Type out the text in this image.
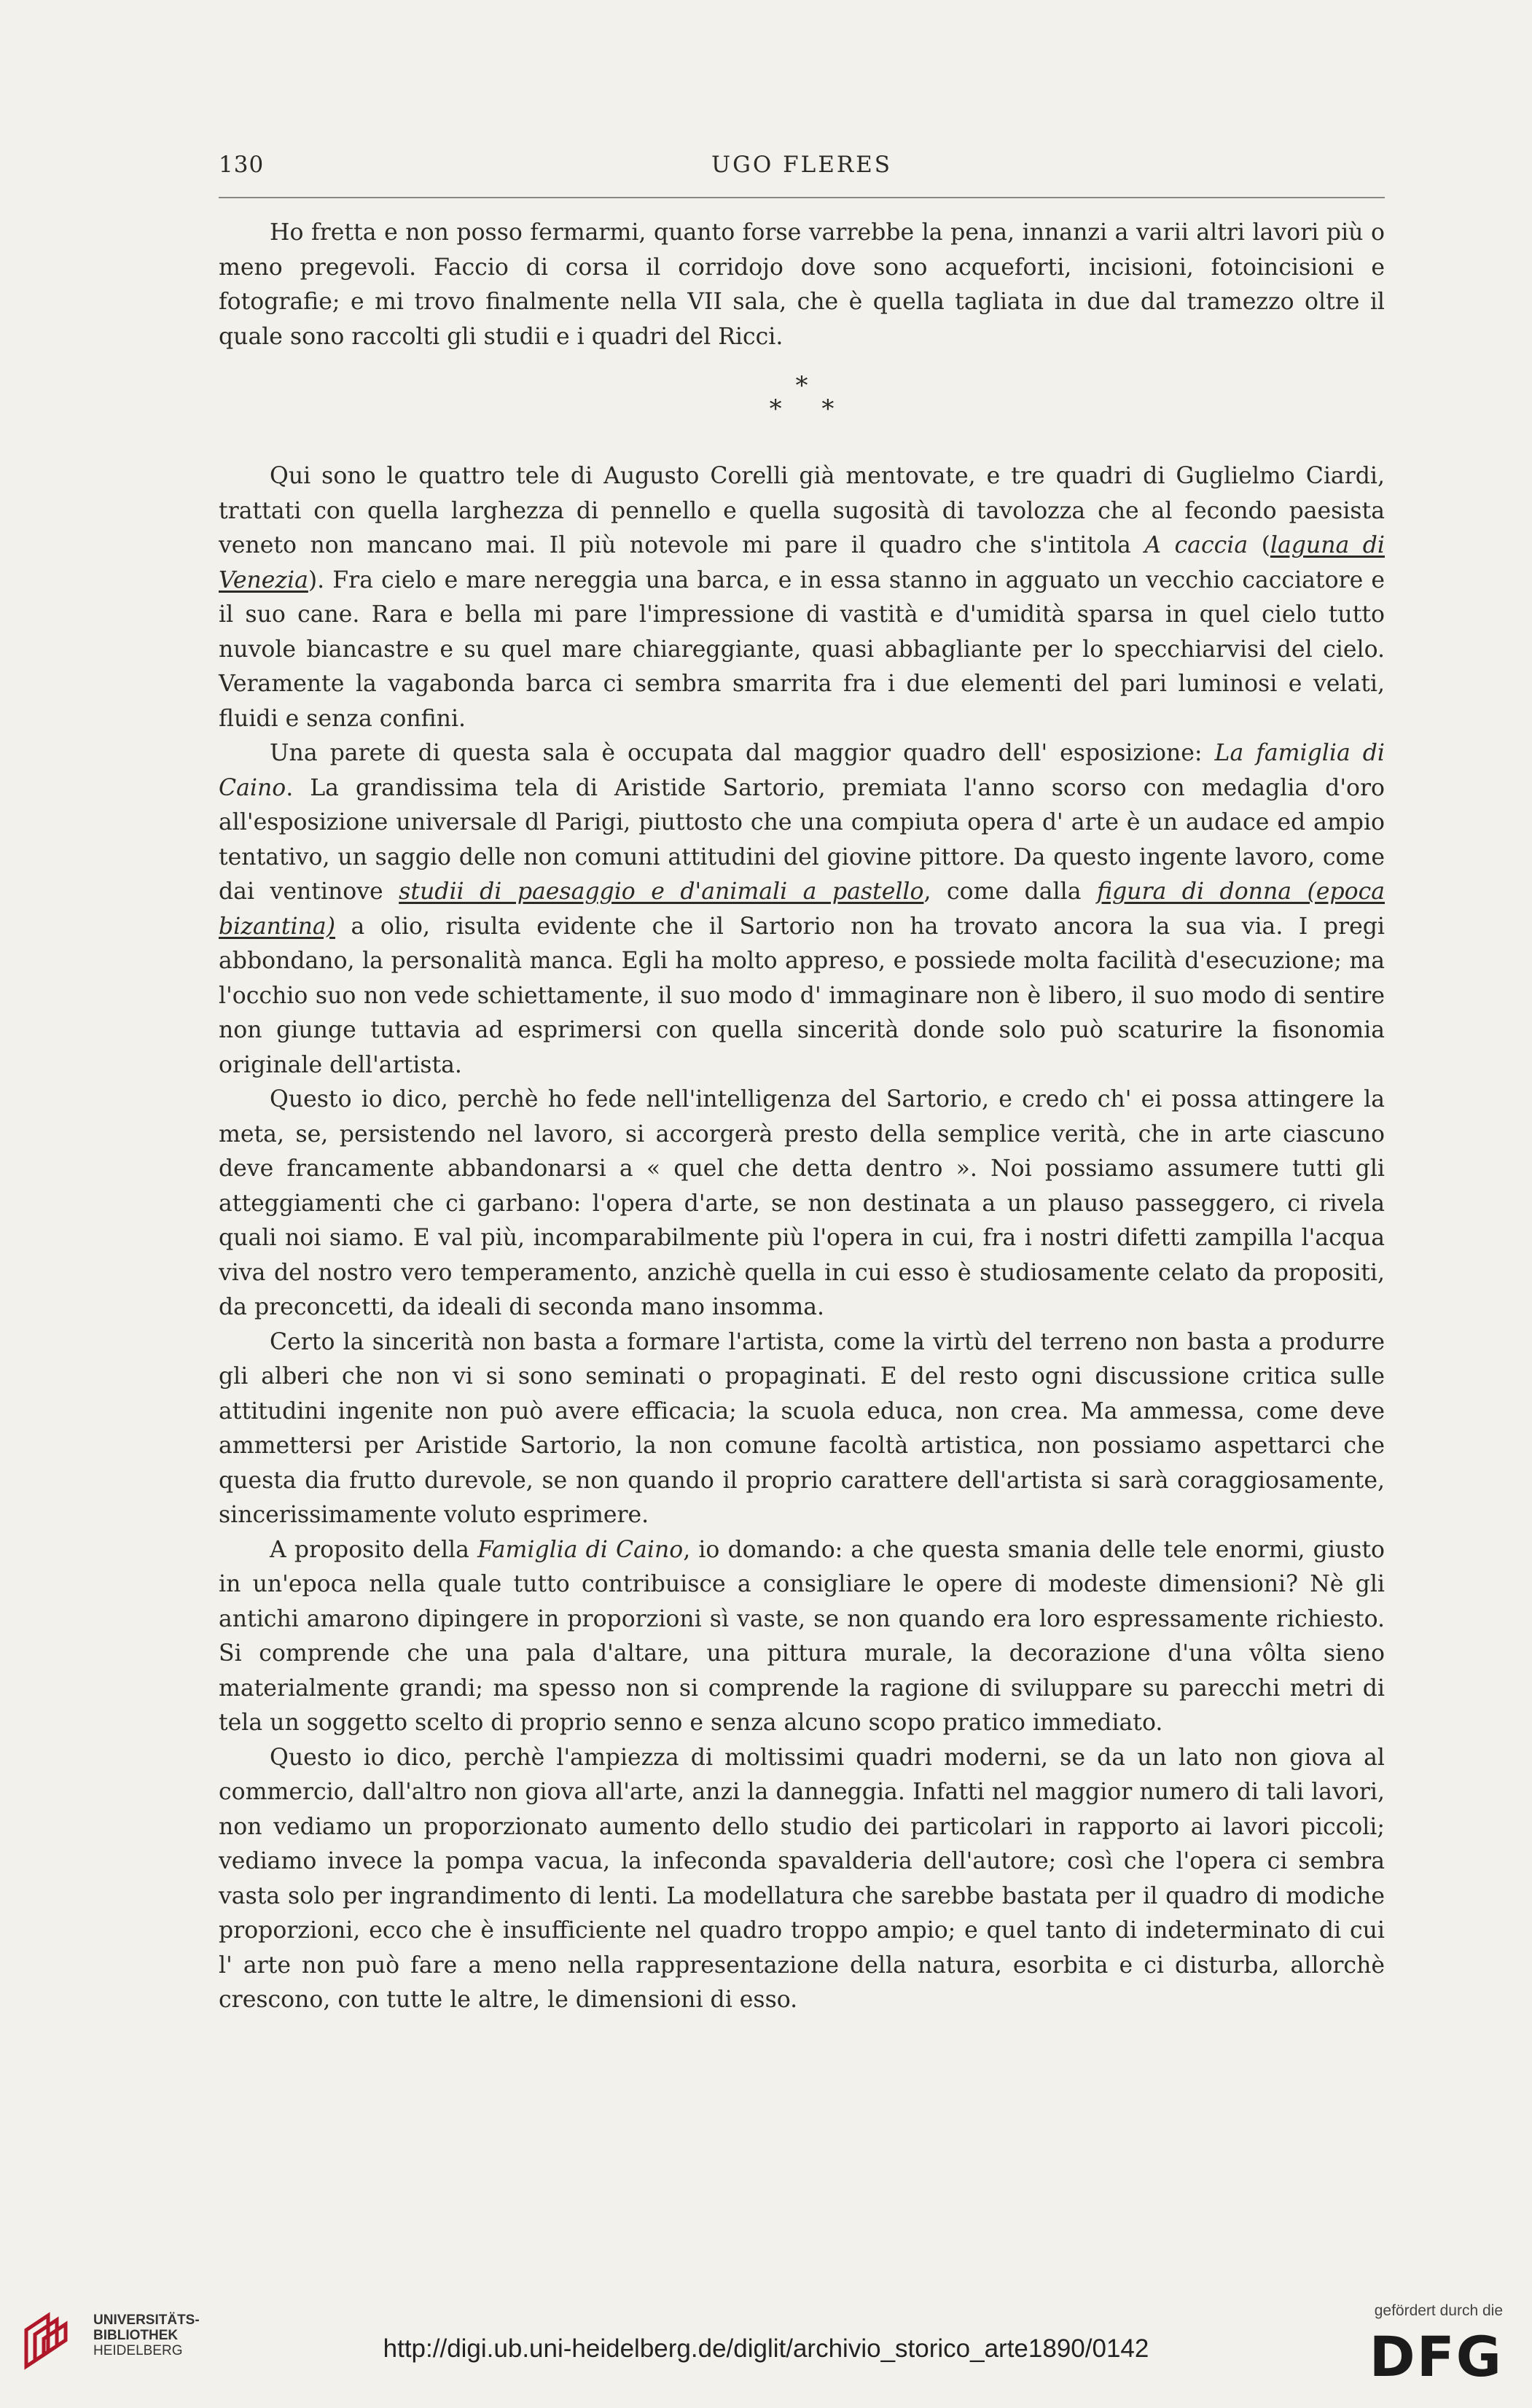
130	UGO FLERES

Ho fretta e non posso fermarmi, quanto forse varrebbe la pena, innanzi a varii altri lavori più o meno pregevoli. Faccio di corsa il corridojo dove sono acqueforti, incisioni, fotoincisioni e fotografie; e mi trovo finalmente nella VII sala, che è quella tagliata in due dal tramezzo oltre il quale sono raccolti gli studii e i quadri del Ricci.

*
* *

Qui sono le quattro tele di Augusto Corelli già mentovate, e tre quadri di Guglielmo Ciardi, trattati con quella larghezza di pennello e quella sugosità di tavolozza che al fecondo paesista veneto non mancano mai. Il più notevole mi pare il quadro che s'intitola A caccia (laguna di Venezia). Fra cielo e mare nereggia una barca, e in essa stanno in agguato un vecchio cacciatore e il suo cane. Rara e bella mi pare l'impressione di vastità e d'umidità sparsa in quel cielo tutto nuvole biancastre e su quel mare chiareggiante, quasi abbagliante per lo specchiarvisi del cielo. Veramente la vagabonda barca ci sembra smarrita fra i due elementi del pari luminosi e velati, fluidi e senza confini.

Una parete di questa sala è occupata dal maggior quadro dell' esposizione: La famiglia di Caino. La grandissima tela di Aristide Sartorio, premiata l'anno scorso con medaglia d'oro all'esposizione universale dl Parigi, piuttosto che una compiuta opera d' arte è un audace ed ampio tentativo, un saggio delle non comuni attitudini del giovine pittore. Da questo ingente lavoro, come dai ventinove studii di paesaggio e d'animali a pastello, come dalla figura di donna (epoca bizantina) a olio, risulta evidente che il Sartorio non ha trovato ancora la sua via. I pregi abbondano, la personalità manca. Egli ha molto appreso, e possiede molta facilità d'esecuzione; ma l'occhio suo non vede schiettamente, il suo modo d' immaginare non è libero, il suo modo di sentire non giunge tuttavia ad esprimersi con quella sincerità donde solo può scaturire la fisonomia originale dell'artista.

Questo io dico, perchè ho fede nell'intelligenza del Sartorio, e credo ch' ei possa attingere la meta, se, persistendo nel lavoro, si accorgerà presto della semplice verità, che in arte ciascuno deve francamente abbandonarsi a « quel che detta dentro ». Noi possiamo assumere tutti gli atteggiamenti che ci garbano: l'opera d'arte, se non destinata a un plauso passeggero, ci rivela quali noi siamo. E val più, incomparabilmente più l'opera in cui, fra i nostri difetti zampilla l'acqua viva del nostro vero temperamento, anzichè quella in cui esso è studiosamente celato da propositi, da preconcetti, da ideali di seconda mano insomma.

Certo la sincerità non basta a formare l'artista, come la virtù del terreno non basta a produrre gli alberi che non vi si sono seminati o propaginati. E del resto ogni discussione critica sulle attitudini ingenite non può avere efficacia; la scuola educa, non crea. Ma ammessa, come deve ammettersi per Aristide Sartorio, la non comune facoltà artistica, non possiamo aspettarci che questa dia frutto durevole, se non quando il proprio carattere dell'artista si sarà coraggiosamente, sincerissimamente voluto esprimere.

A proposito della Famiglia di Caino, io domando: a che questa smania delle tele enormi, giusto in un'epoca nella quale tutto contribuisce a consigliare le opere di modeste dimensioni? Nè gli antichi amarono dipingere in proporzioni sì vaste, se non quando era loro espressamente richiesto. Si comprende che una pala d'altare, una pittura murale, la decorazione d'una vôlta sieno materialmente grandi; ma spesso non si comprende la ragione di svilupparе su parecchi metri di tela un soggetto scelto di proprio senno e senza alcuno scopo pratico immediato.

Questo io dico, perchè l'ampiezza di moltissimi quadri moderni, se da un lato non giova al commercio, dall'altro non giova all'arte, anzi la danneggia. Infatti nel maggior numero di tali lavori, non vediamo un proporzionato aumento dello studio dei particolari in rapporto ai lavori piccoli; vediamo invece la pompa vacua, la infeconda spavalderia dell'autore; così che l'opera ci sembra vasta solo per ingrandimento di lenti. La modellatura che sarebbe bastata per il quadro di modiche proporzioni, ecco che è insufficiente nel quadro troppo ampio; e quel tanto di indeterminato di cui l' arte non può fare a meno nella rappresentazione della natura, esorbita e ci disturba, allorchè crescono, con tutte le altre, le dimensioni di esso.

UNIVERSITÄTS-
BIBLIOTHEK
HEIDELBERG	http://digi.ub.uni-heidelberg.de/diglit/archivio_storico_arte1890/0142
gefördert durch die
DFG
